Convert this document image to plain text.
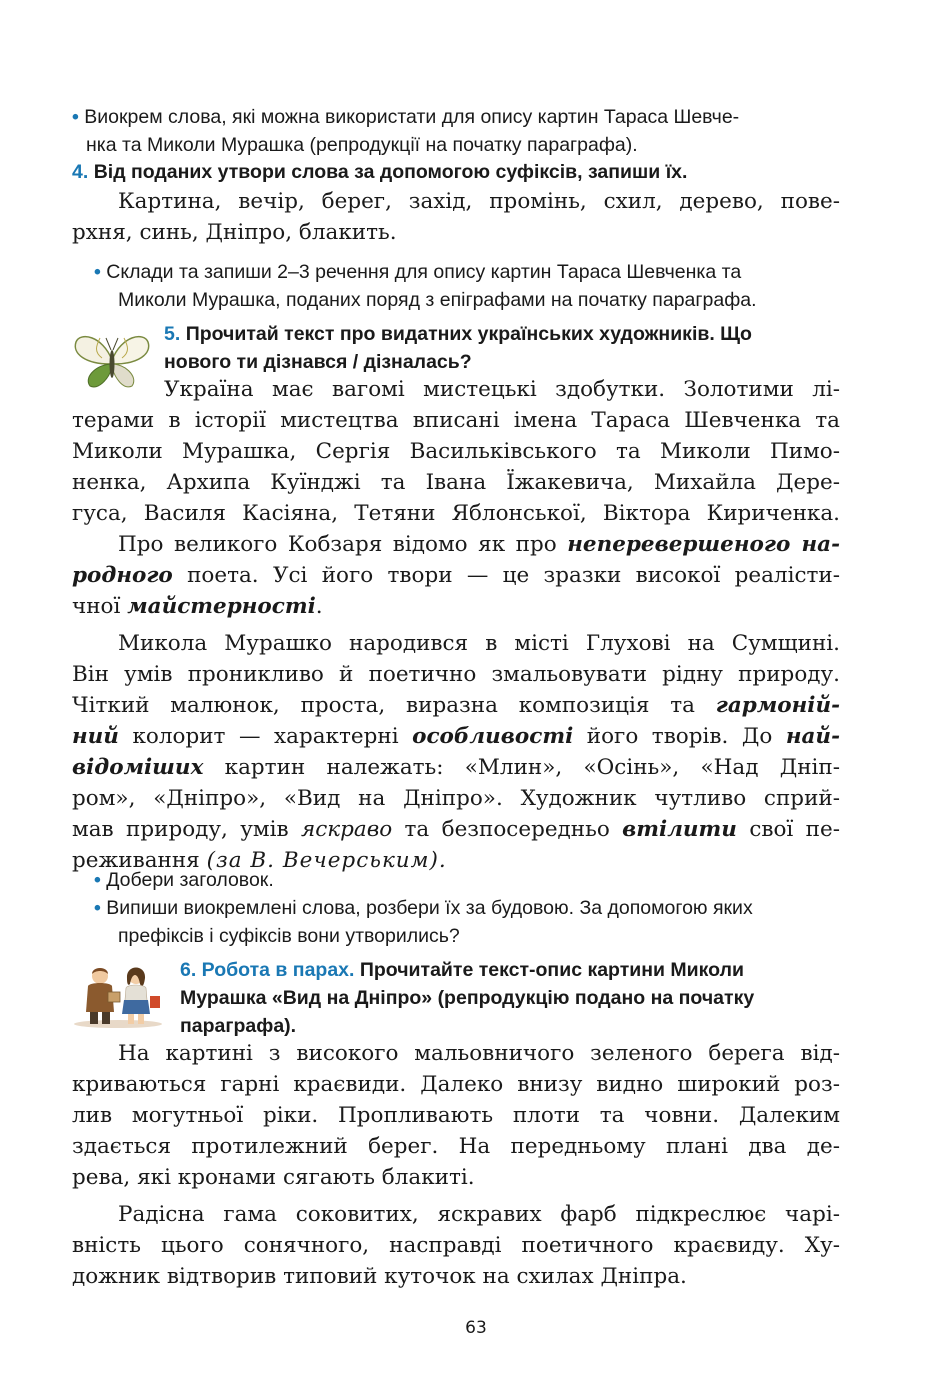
• Виокрем слова, які можна використати для опису картин Тараса Шевче-
нка та Миколи Мурашка (репродукції на початку параграфа).
4. Від поданих утвори слова за допомогою суфіксів, запиши їх.
Картина, вечір, берег, захід, промінь, схил, дерево, пове-
рхня, синь, Дніпро, блакить.
• Склади та запиши 2–3 речення для опису картин Тараса Шевченка та
Миколи Мурашка, поданих поряд з епіграфами на початку параграфа.
5. Прочитай текст про видатних українських художників. Що
нового ти дізнався / дізналась?
Україна має вагомі мистецькі здобутки. Золотими лі-
терами в історії мистецтва вписані імена Тараса Шевченка та
Миколи Мурашка, Сергія Васильківського та Миколи Пимо-
ненка, Архипа Куїнджі та Івана Їжакевича, Михайла Дере-
гуса, Василя Касіяна, Тетяни Яблонської, Віктора Кириченка.
Про великого Кобзаря відомо як про неперевершеного на-
родного поета. Усі його твори — це зразки високої реалісти-
чної майстерності.
Микола Мурашко народився в місті Глухові на Сумщині.
Він умів проникливо й поетично змальовувати рідну природу.
Чіткий малюнок, проста, виразна композиція та гармоній-
ний колорит — характерні особливості його творів. До най-
відоміших картин належать: «Млин», «Осінь», «Над Дніп-
ром», «Дніпро», «Вид на Дніпро». Художник чутливо сприй-
мав природу, умів яскраво та безпосередньо втілити свої пе-
реживання (за В. Вечерським).
• Добери заголовок.
• Випиши виокремлені слова, розбери їх за будовою. За допомогою яких
префіксів і суфіксів вони утворились?
6. Робота в парах. Прочитайте текст-опис картини Миколи
Мурашка «Вид на Дніпро» (репродукцію подано на початку
параграфа).
На картині з високого мальовничого зеленого берега від-
криваються гарні краєвиди. Далеко внизу видно широкий роз-
лив могутньої ріки. Пропливають плоти та човни. Далеким
здається протилежний берег. На передньому плані два де-
рева, які кронами сягають блакиті.
Радісна гама соковитих, яскравих фарб підкреслює чарі-
вність цього сонячного, насправді поетичного краєвиду. Ху-
дожник відтворив типовий куточок на схилах Дніпра.
63
